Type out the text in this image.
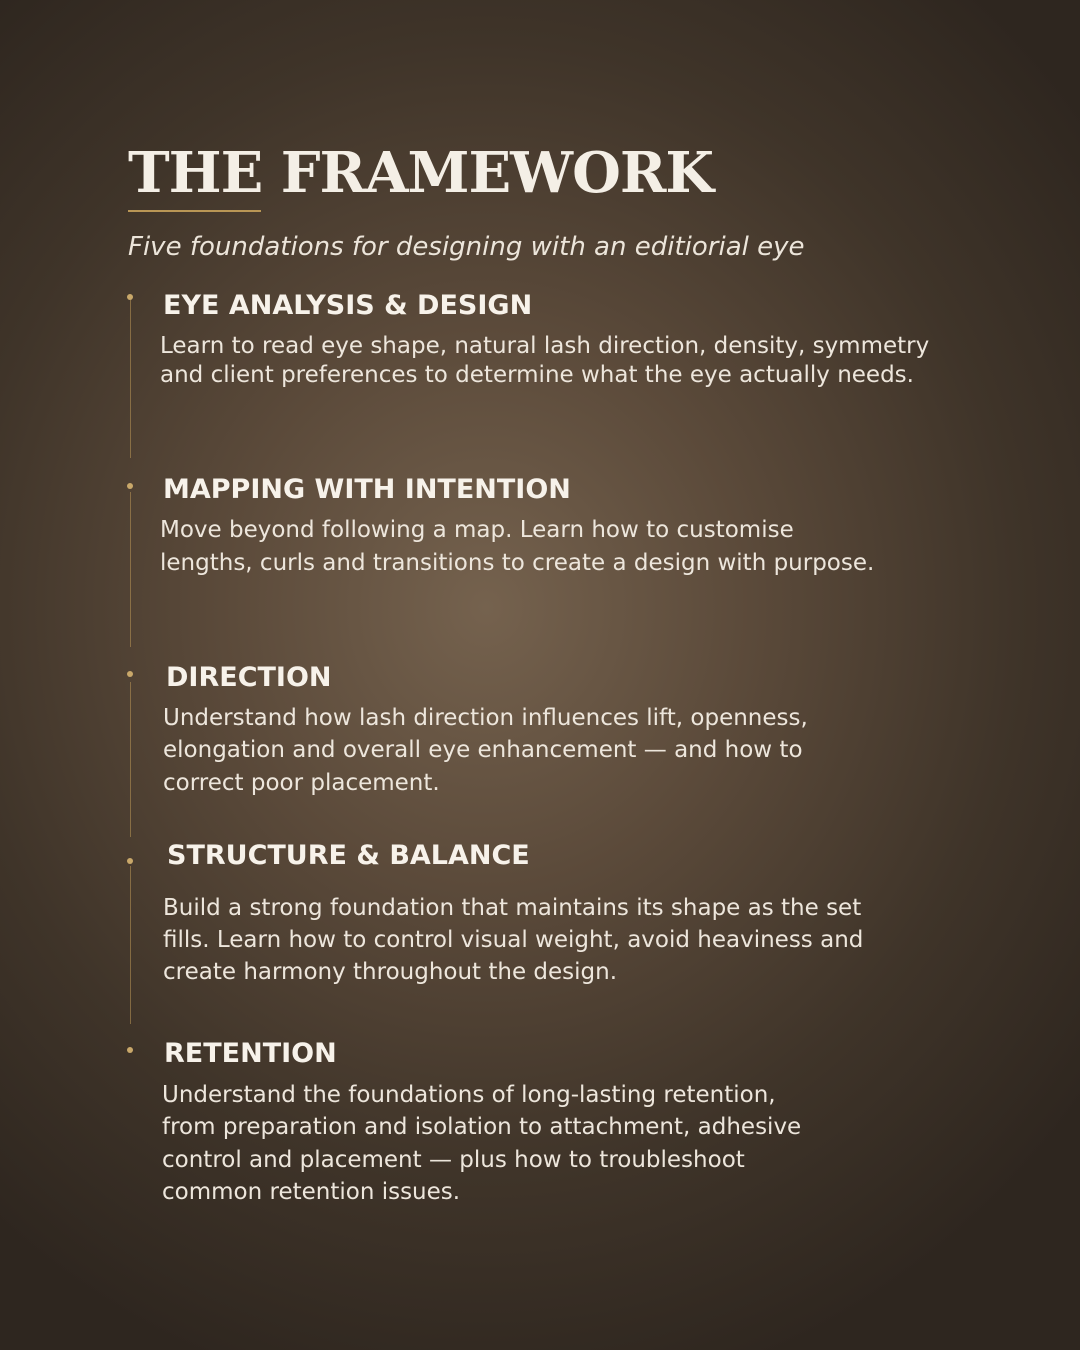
THE FRAMEWORK

Five foundations for designing with an editiorial eye

EYE ANALYSIS & DESIGN

Learn to read eye shape, natural lash direction, density, symmetry

and client preferences to determine what the eye actually needs.

MAPPING WITH INTENTION

Move beyond following a map. Learn how to customise

lengths, curls and transitions to create a design with purpose.

DIRECTION

Understand how lash direction influences lift, openness,

elongation and overall eye enhancement — and how to

correct poor placement.

STRUCTURE & BALANCE

Build a strong foundation that maintains its shape as the set

fills. Learn how to control visual weight, avoid heaviness and

create harmony throughout the design.

RETENTION

Understand the foundations of long-lasting retention,

from preparation and isolation to attachment, adhesive

control and placement — plus how to troubleshoot

common retention issues.
